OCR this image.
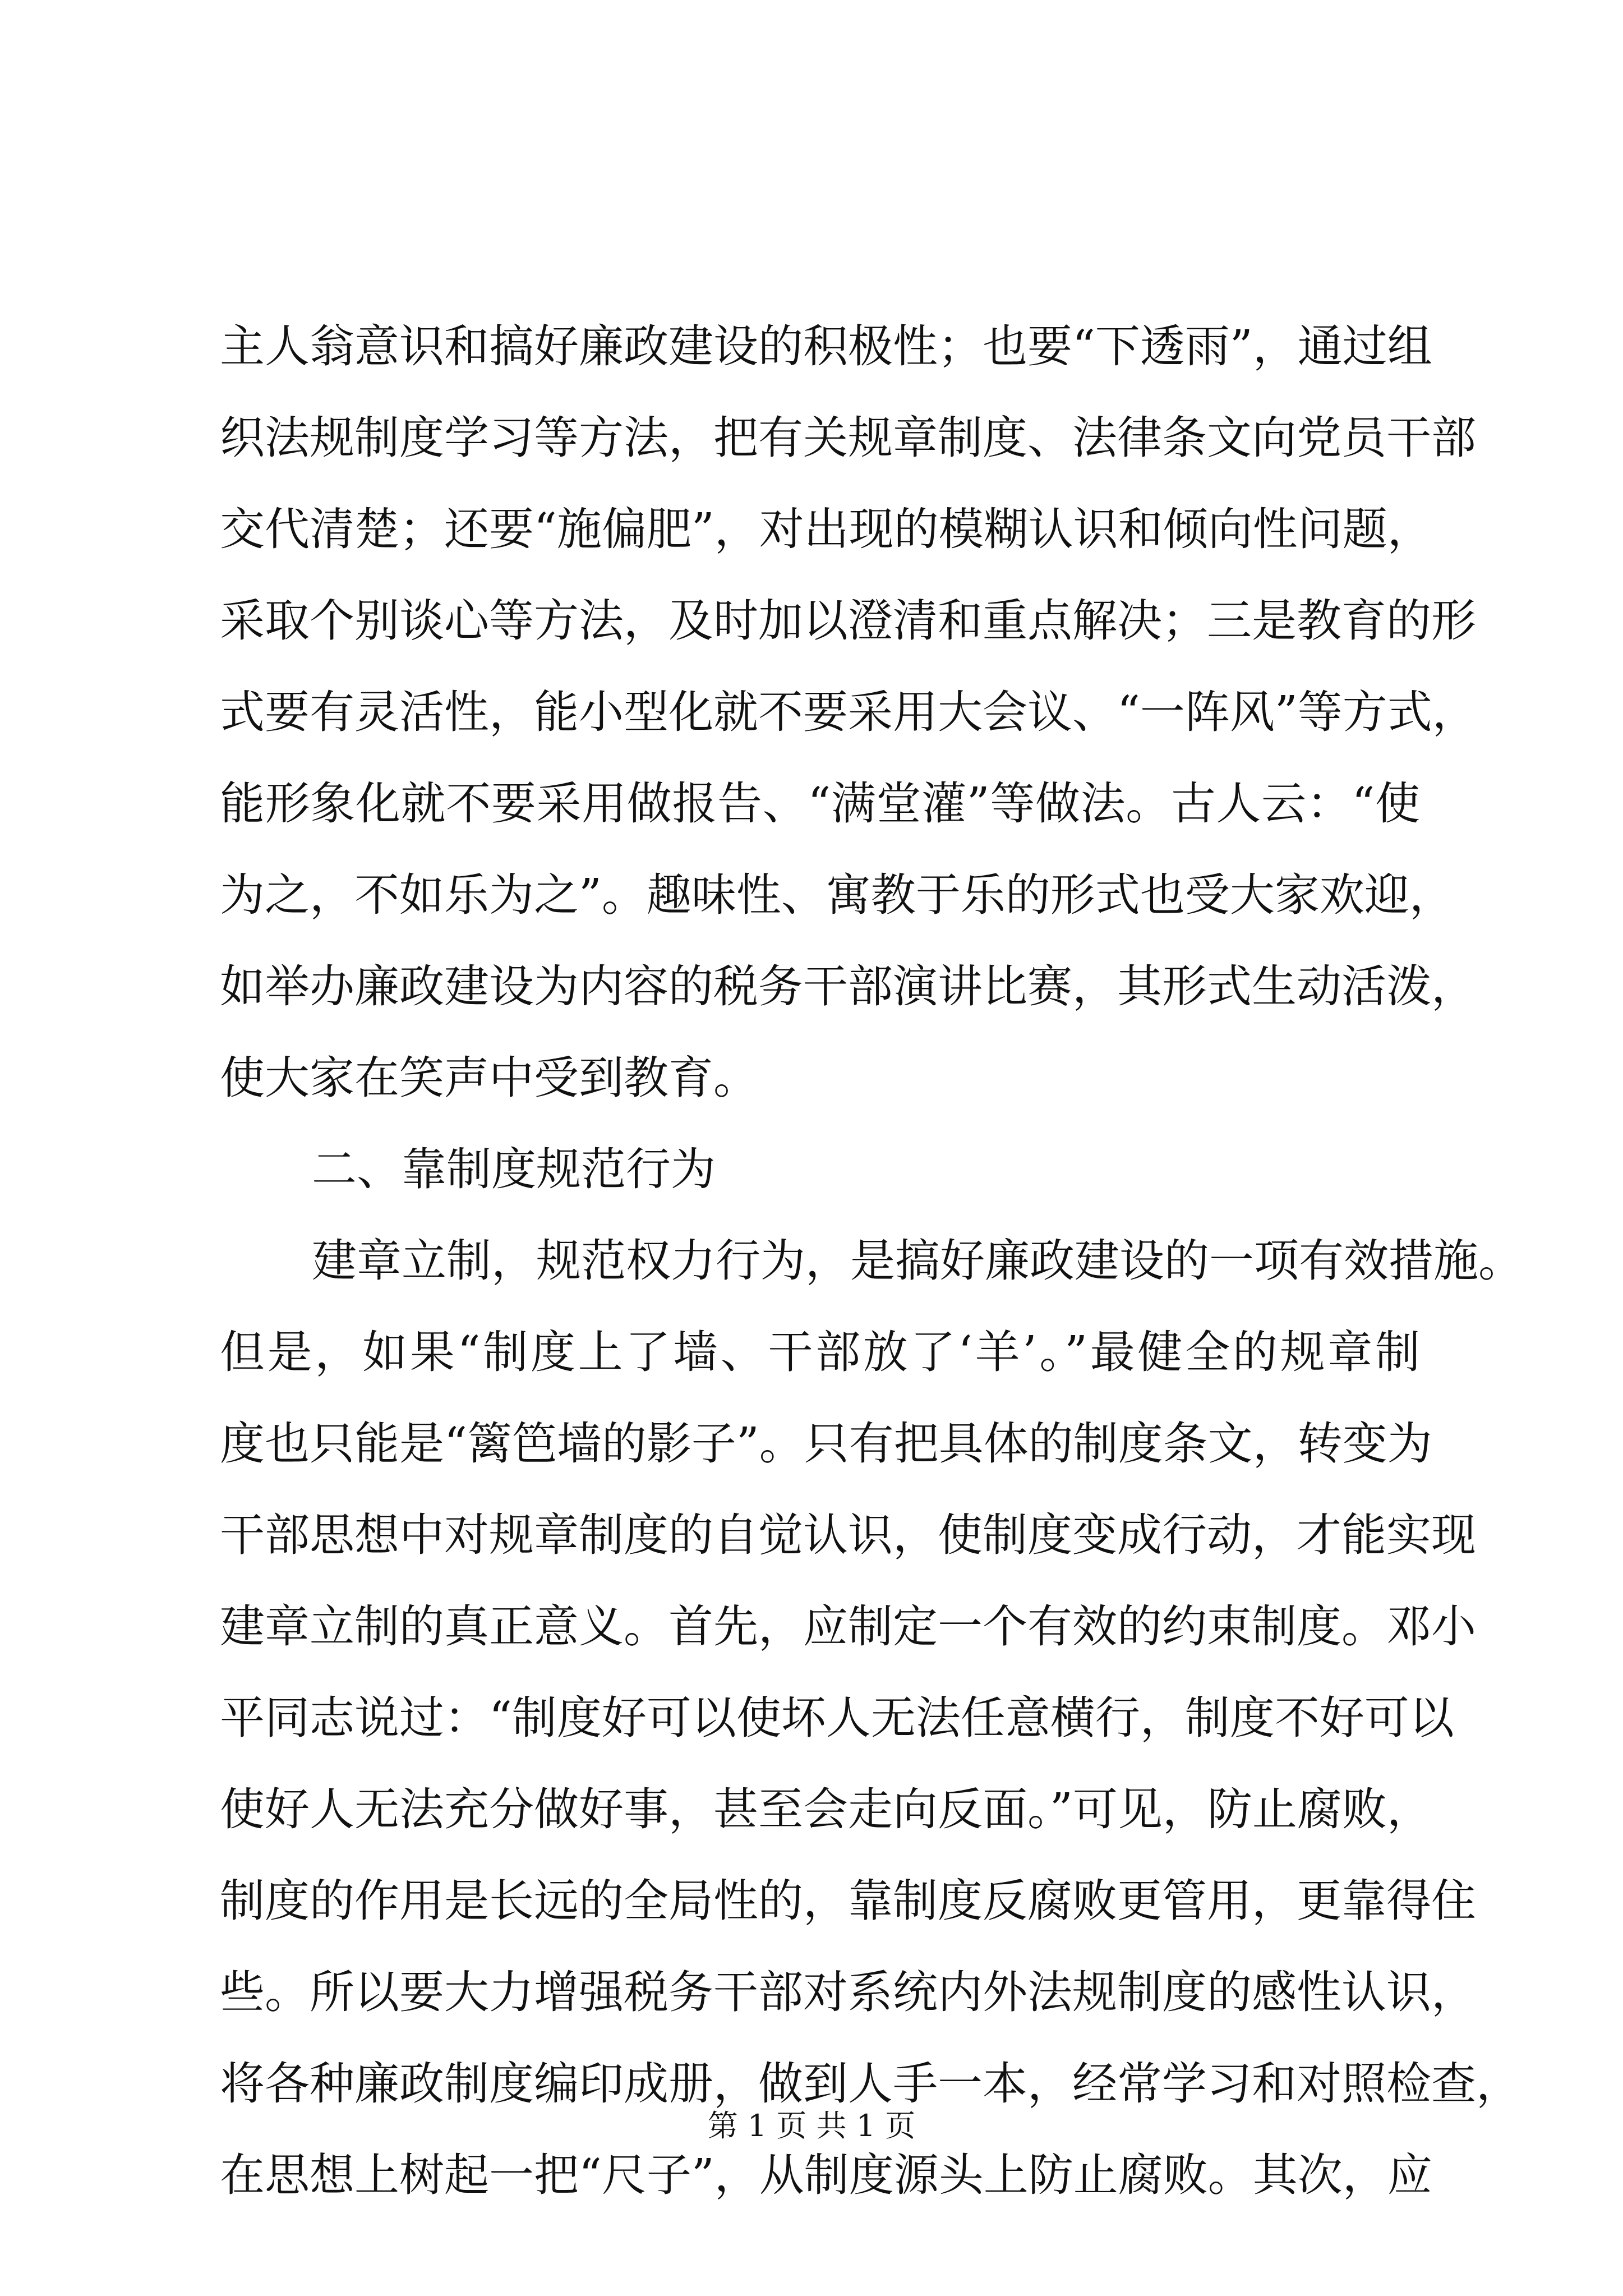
主人翁意识和搞好廉政建设的积极性；也要“下透雨”，通过组
织法规制度学习等方法，把有关规章制度、法律条文向党员干部
交代清楚；还要“施偏肥”，对出现的模糊认识和倾向性问题，
采取个别谈心等方法，及时加以澄清和重点解决；三是教育的形
式要有灵活性，能小型化就不要采用大会议、“一阵风”等方式，
能形象化就不要采用做报告、“满堂灌”等做法。古人云：“使
为之，不如乐为之”。趣味性、寓教于乐的形式也受大家欢迎，
如举办廉政建设为内容的税务干部演讲比赛，其形式生动活泼，
使大家在笑声中受到教育。
二、靠制度规范行为
建章立制，规范权力行为，是搞好廉政建设的一项有效措施。
但是，如果“制度上了墙、干部放了‘羊’。”最健全的规章制
度也只能是“篱笆墙的影子”。只有把具体的制度条文，转变为
干部思想中对规章制度的自觉认识，使制度变成行动，才能实现
建章立制的真正意义。首先，应制定一个有效的约束制度。邓小
平同志说过：“制度好可以使坏人无法任意横行，制度不好可以
使好人无法充分做好事，甚至会走向反面。”可见，防止腐败，
制度的作用是长远的全局性的，靠制度反腐败更管用，更靠得住
些。所以要大力增强税务干部对系统内外法规制度的感性认识，
将各种廉政制度编印成册，做到人手一本，经常学习和对照检查，
在思想上树起一把“尺子”，从制度源头上防止腐败。其次，应
第 1 页 共 1 页
